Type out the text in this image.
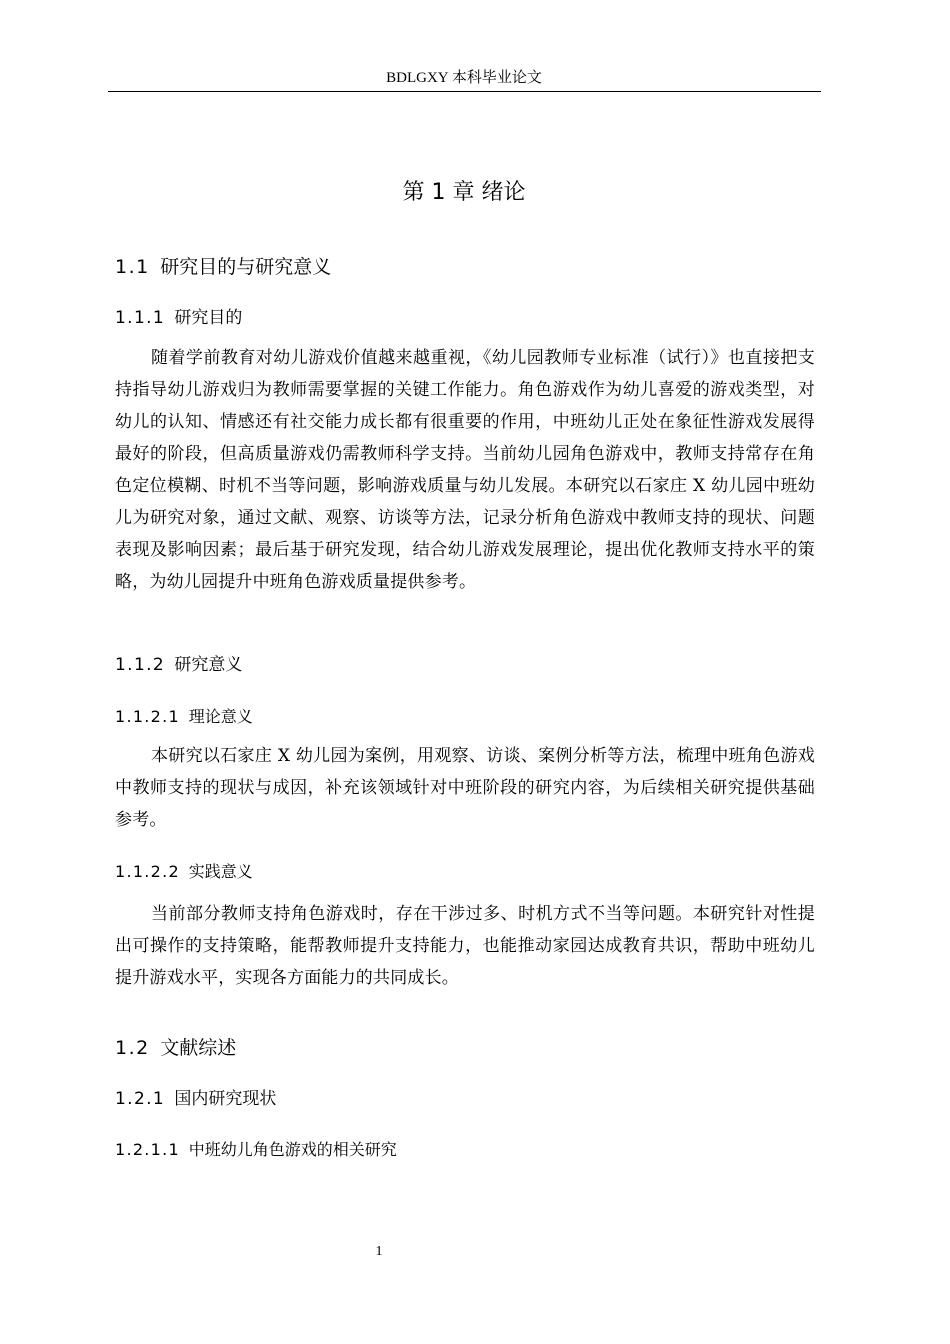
BDLGXY 本科毕业论文
第 1 章 绪论
1.1 研究目的与研究意义
1.1.1 研究目的

随着学前教育对幼儿游戏价值越来越重视，《幼儿园教师专业标准（试行）》也直接把支持指导幼儿游戏归为教师需要掌握的关键工作能力。角色游戏作为幼儿喜爱的游戏类型，对幼儿的认知、情感还有社交能力成长都有很重要的作用，中班幼儿正处在象征性游戏发展得最好的阶段，但高质量游戏仍需教师科学支持。当前幼儿园角色游戏中，教师支持常存在角色定位模糊、时机不当等问题，影响游戏质量与幼儿发展。本研究以石家庄 X 幼儿园中班幼儿为研究对象，通过文献、观察、访谈等方法，记录分析角色游戏中教师支持的现状、问题表现及影响因素；最后基于研究发现，结合幼儿游戏发展理论，提出优化教师支持水平的策略，为幼儿园提升中班角色游戏质量提供参考。

1.1.2 研究意义
1.1.2.1 理论意义

本研究以石家庄 X 幼儿园为案例，用观察、访谈、案例分析等方法，梳理中班角色游戏中教师支持的现状与成因，补充该领域针对中班阶段的研究内容，为后续相关研究提供基础参考。

1.1.2.2 实践意义

当前部分教师支持角色游戏时，存在干涉过多、时机方式不当等问题。本研究针对性提出可操作的支持策略，能帮教师提升支持能力，也能推动家园达成教育共识，帮助中班幼儿提升游戏水平，实现各方面能力的共同成长。

1.2 文献综述
1.2.1 国内研究现状
1.2.1.1 中班幼儿角色游戏的相关研究
1
